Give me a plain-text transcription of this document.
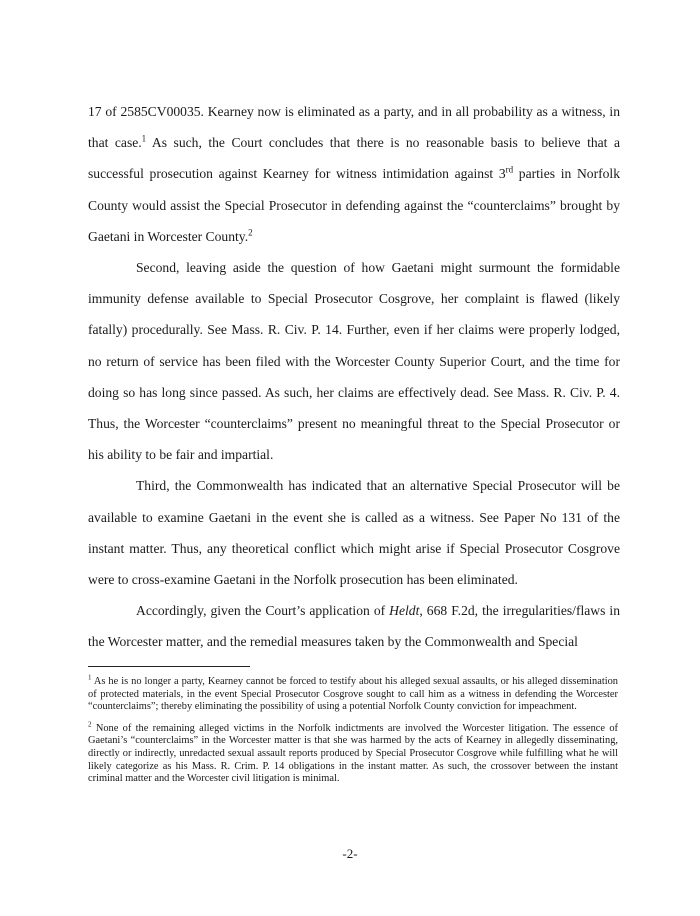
17 of 2585CV00035. Kearney now is eliminated as a party, and in all probability as a witness, in that case.$^1$ As such, the Court concludes that there is no reasonable basis to believe that a successful prosecution against Kearney for witness intimidation against 3rd parties in Norfolk County would assist the Special Prosecutor in defending against the “counterclaims” brought by Gaetani in Worcester County.$^2$

Second, leaving aside the question of how Gaetani might surmount the formidable immunity defense available to Special Prosecutor Cosgrove, her complaint is flawed (likely fatally) procedurally. See Mass. R. Civ. P. 14. Further, even if her claims were properly lodged, no return of service has been filed with the Worcester County Superior Court, and the time for doing so has long since passed. As such, her claims are effectively dead. See Mass. R. Civ. P. 4. Thus, the Worcester “counterclaims” present no meaningful threat to the Special Prosecutor or his ability to be fair and impartial.

Third, the Commonwealth has indicated that an alternative Special Prosecutor will be available to examine Gaetani in the event she is called as a witness. See Paper No 131 of the instant matter. Thus, any theoretical conflict which might arise if Special Prosecutor Cosgrove were to cross-examine Gaetani in the Norfolk prosecution has been eliminated.

Accordingly, given the Court’s application of Heldt, 668 F.2d, the irregularities/flaws in the Worcester matter, and the remedial measures taken by the Commonwealth and Special

$^1$ As he is no longer a party, Kearney cannot be forced to testify about his alleged sexual assaults, or his alleged dissemination of protected materials, in the event Special Prosecutor Cosgrove sought to call him as a witness in defending the Worcester “counterclaims”; thereby eliminating the possibility of using a potential Norfolk County conviction for impeachment.

$^2$ None of the remaining alleged victims in the Norfolk indictments are involved the Worcester litigation. The essence of Gaetani’s “counterclaims” in the Worcester matter is that she was harmed by the acts of Kearney in allegedly disseminating, directly or indirectly, unredacted sexual assault reports produced by Special Prosecutor Cosgrove while fulfilling what he will likely categorize as his Mass. R. Crim. P. 14 obligations in the instant matter. As such, the crossover between the instant criminal matter and the Worcester civil litigation is minimal.

-2-
